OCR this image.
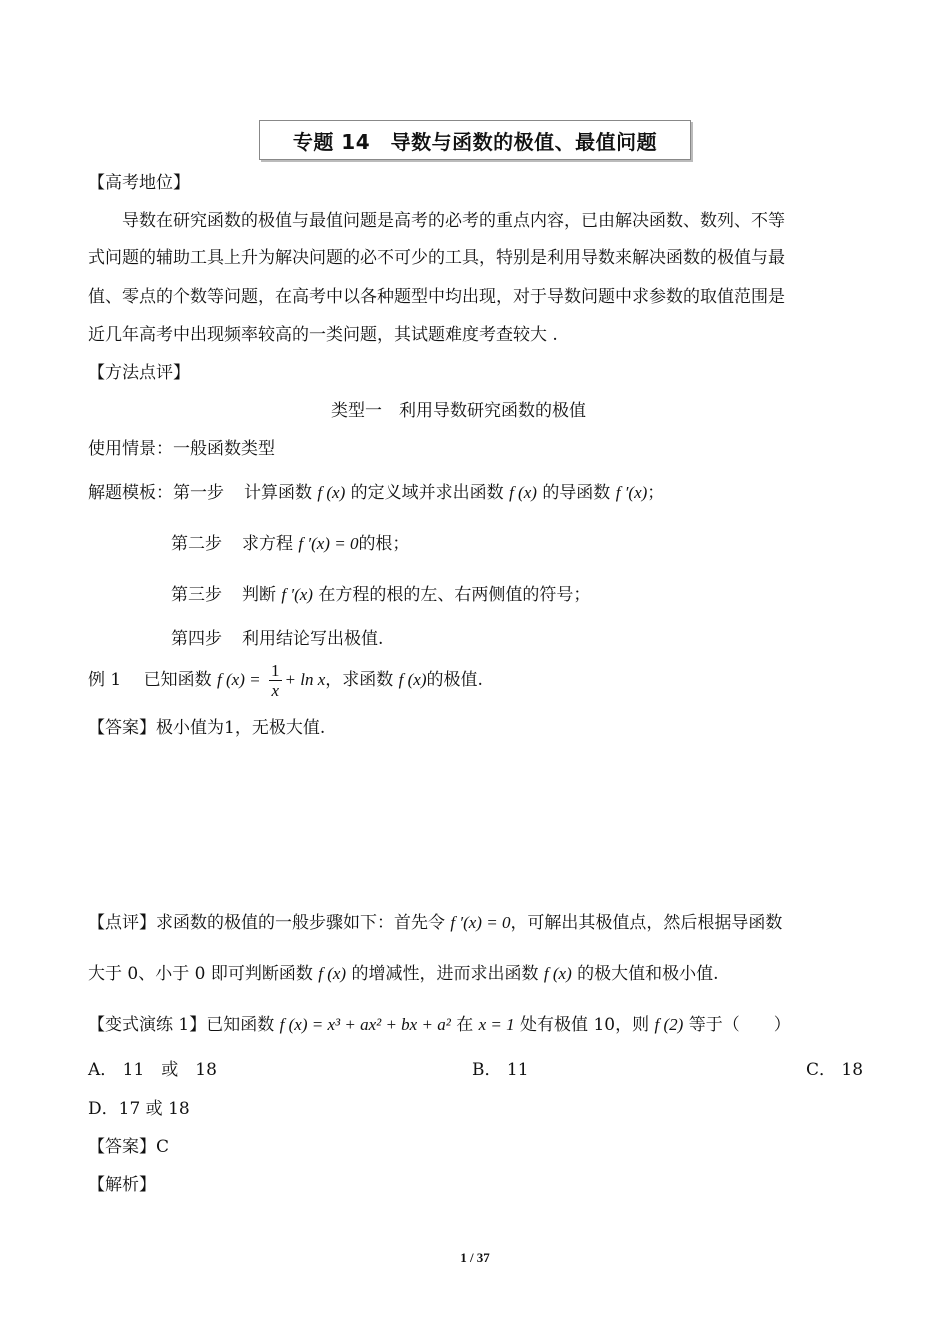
专题 14　导数与函数的极值、最值问题
【高考地位】
导数在研究函数的极值与最值问题是高考的必考的重点内容，已由解决函数、数列、不等
式问题的辅助工具上升为解决问题的必不可少的工具，特别是利用导数来解决函数的极值与最
值、零点的个数等问题，在高考中以各种题型中均出现，对于导数问题中求参数的取值范围是
近几年高考中出现频率较高的一类问题，其试题难度考查较大 .
【方法点评】
类型一　利用导数研究函数的极值
使用情景：一般函数类型
解题模板：第一步 计算函数 f (x) 的定义域并求出函数 f (x) 的导函数 f ′(x)；
第二步 求方程 f ′(x) = 0的根；
第三步 判断 f ′(x) 在方程的根的左、右两侧值的符号；
第四步 利用结论写出极值.
例 1　 已知函数 f $(x) = \frac{1}{x} + \ln x$，求函数 f (x)的极值.
【答案】极小值为1，无极大值.
【点评】求函数的极值的一般步骤如下：首先令 f ′(x) = 0，可解出其极值点，然后根据导函数
大于 0、小于 0 即可判断函数 f (x) 的增减性，进而求出函数 f (x) 的极大值和极小值.
【变式演练 1】已知函数 f (x) = x³ + ax² + bx + a² 在 x = 1 处有极值 10，则 f (2) 等于（　　）
A． 11　或　18	B． 11	C． 18
D．17 或 18
【答案】C
【解析】
1 / 37
